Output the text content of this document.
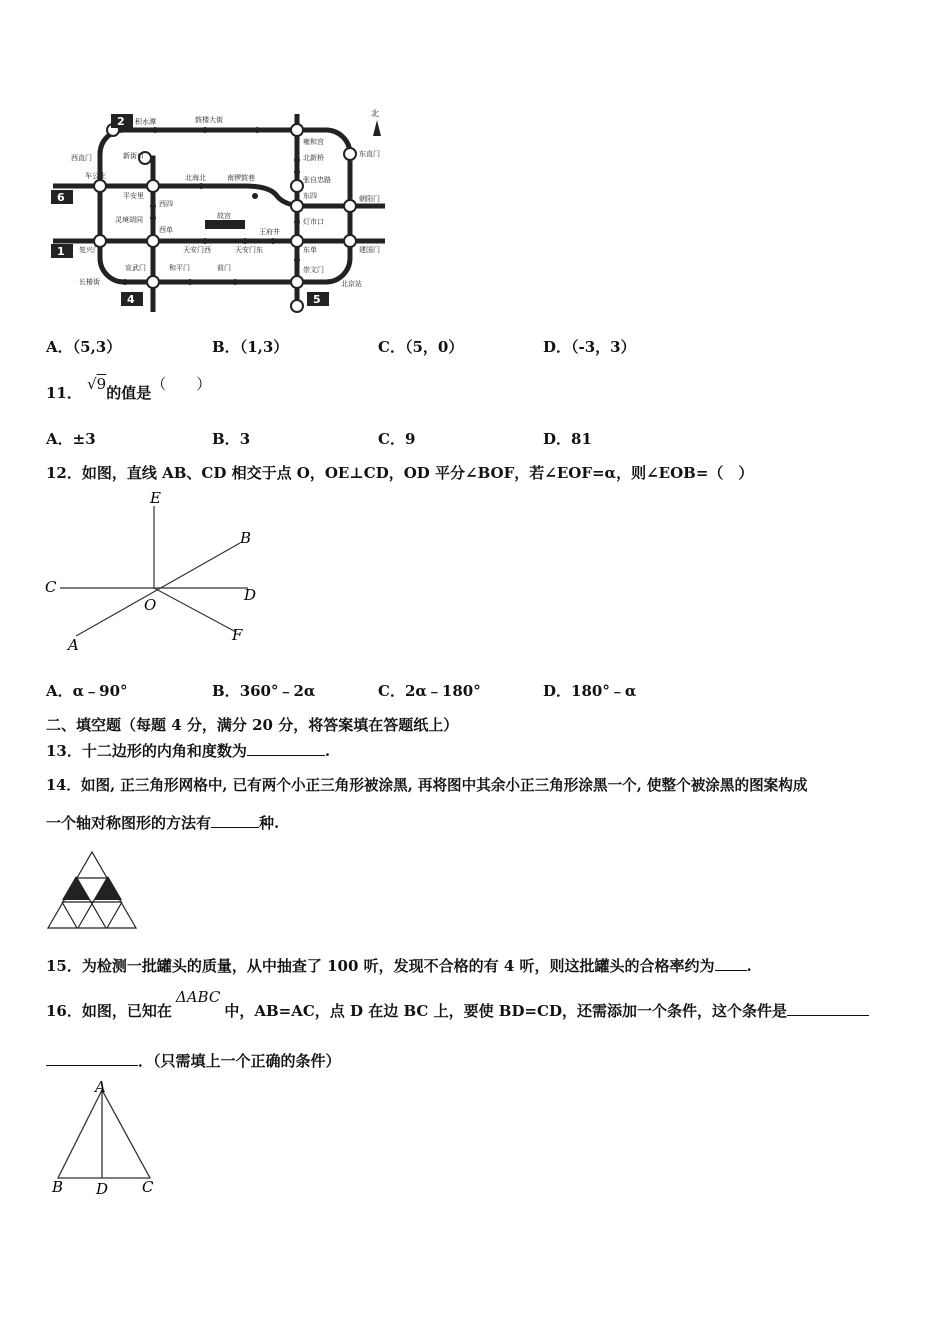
2
6
1
4	5
北
故宫
鼓楼大街
积水潭
雍和宫
北新桥
张自忠路
东四
灯市口
东单
崇文门
北京站
东直门
朝阳门
建国门
西直门	新街口
车公庄
平安里
西四
灵境胡同
西单
复兴门
宣武门	和平门	前门
长椿街
天安门西	天安门东
王府井
北海北	南锣鼓巷
A．（5,3）	B．（1,3）	C．（5，0）	D．（-3，3）
11． √9的值是（　　）
A．±3	B．3	C．9	D．81
12．如图，直线 AB、CD 相交于点 O，OE⊥CD，OD 平分∠BOF，若∠EOF=α，则∠EOB=（　）
E
B
C
O
D
A
F
A．α﹣90°	B．360°﹣2α	C．2α﹣180°	D．180°﹣α
二、填空题（每题 4 分，满分 20 分，将答案填在答题纸上）
13．十二边形的内角和度数为	.
14．如图, 正三角形网格中, 已有两个小正三角形被涂黑, 再将图中其余小正三角形涂黑一个, 使整个被涂黑的图案构成
一个轴对称图形的方法有	种.
15．为检测一批罐头的质量，从中抽查了 100 听，发现不合格的有 4 听，则这批罐头的合格率约为 .
16．如图，已知在ΔABC中，AB=AC，点 D 在边 BC 上，要使 BD=CD，还需添加一个条件，这个条件是
．（只需填上一个正确的条件）
A
B D C
